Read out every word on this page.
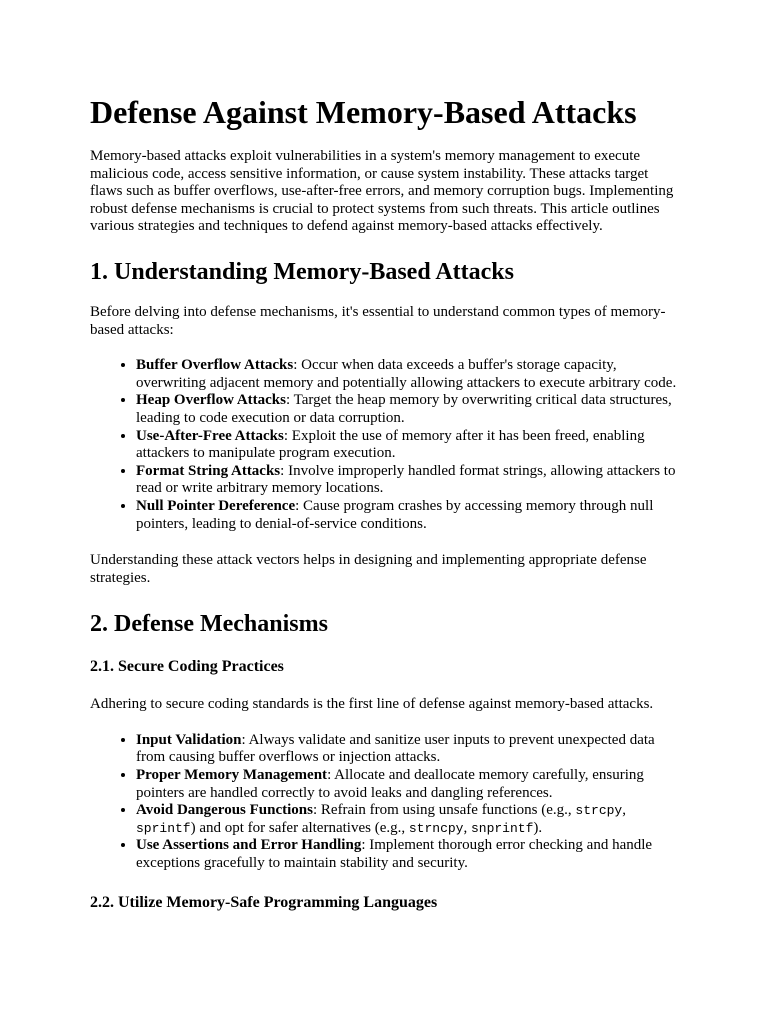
Defense Against Memory-Based Attacks

Memory-based attacks exploit vulnerabilities in a system's memory management to execute malicious code, access sensitive information, or cause system instability. These attacks target flaws such as buffer overflows, use-after-free errors, and memory corruption bugs. Implementing robust defense mechanisms is crucial to protect systems from such threats. This article outlines various strategies and techniques to defend against memory-based attacks effectively.

1. Understanding Memory-Based Attacks

Before delving into defense mechanisms, it's essential to understand common types of memory-based attacks:

• Buffer Overflow Attacks: Occur when data exceeds a buffer's storage capacity, overwriting adjacent memory and potentially allowing attackers to execute arbitrary code.
• Heap Overflow Attacks: Target the heap memory by overwriting critical data structures, leading to code execution or data corruption.
• Use-After-Free Attacks: Exploit the use of memory after it has been freed, enabling attackers to manipulate program execution.
• Format String Attacks: Involve improperly handled format strings, allowing attackers to read or write arbitrary memory locations.
• Null Pointer Dereference: Cause program crashes by accessing memory through null pointers, leading to denial-of-service conditions.

Understanding these attack vectors helps in designing and implementing appropriate defense strategies.

2. Defense Mechanisms
2.1. Secure Coding Practices

Adhering to secure coding standards is the first line of defense against memory-based attacks.

• Input Validation: Always validate and sanitize user inputs to prevent unexpected data from causing buffer overflows or injection attacks.
• Proper Memory Management: Allocate and deallocate memory carefully, ensuring pointers are handled correctly to avoid leaks and dangling references.
• Avoid Dangerous Functions: Refrain from using unsafe functions (e.g., strcpy, sprintf) and opt for safer alternatives (e.g., strncpy, snprintf).
• Use Assertions and Error Handling: Implement thorough error checking and handle exceptions gracefully to maintain stability and security.
2.2. Utilize Memory-Safe Programming Languages
